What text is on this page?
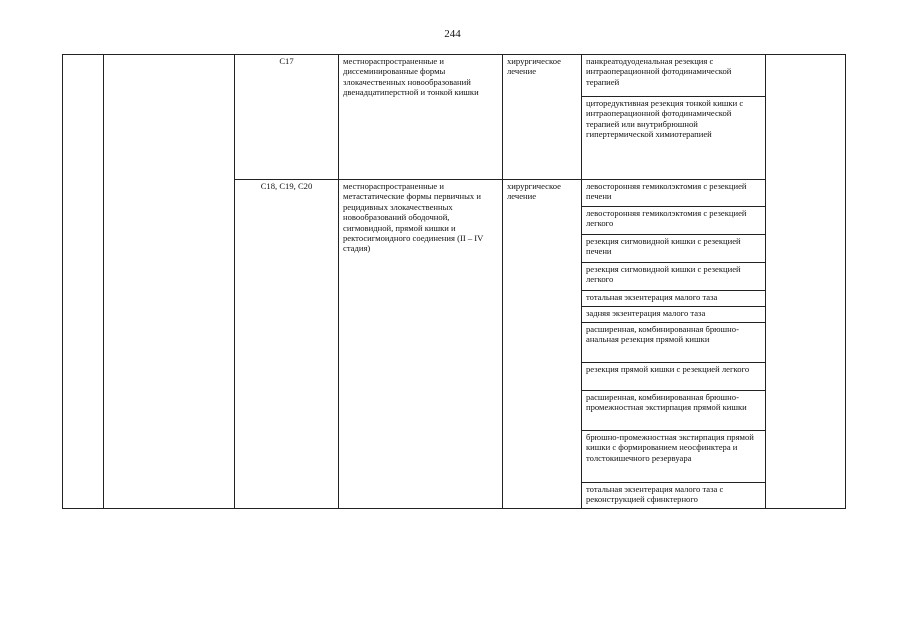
244
		C17	местнораспространенные и диссеминированные формы злокачественных новообразований двенадцатиперстной и тонкой кишки	хирургическое лечение	панкреатодуоденальная резекция с интраоперационной фотодинамической терапией	
					циторедуктивная резекция тонкой кишки с интраоперационной фотодинамической терапией или внутрибрюшной гипертермической химиотерапией	
		C18, C19, C20	местнораспространенные и метастатические формы первичных и рецидивных злокачественных новообразований ободочной, сигмовидной, прямой кишки и ректосигмоидного соединения (II – IV стадия)	хирургическое лечение	левосторонняя гемиколэктомия с резекцией печени	
					левосторонняя гемиколэктомия с резекцией легкого	
					резекция сигмовидной кишки с резекцией печени	
					резекция сигмовидной кишки с резекцией легкого	
					тотальная экзентерация малого таза	
					задняя экзентерация малого таза	
					расширенная, комбинированная брюшно-анальная резекция прямой кишки	
					резекция прямой кишки с резекцией легкого	
					расширенная, комбинированная брюшно-промежностная экстирпация прямой кишки	
					брюшно-промежностная экстирпация прямой кишки с формированием неосфинктера и толстокишечного резервуара	
					тотальная экзентерация малого таза с реконструкцией сфинктерного	
